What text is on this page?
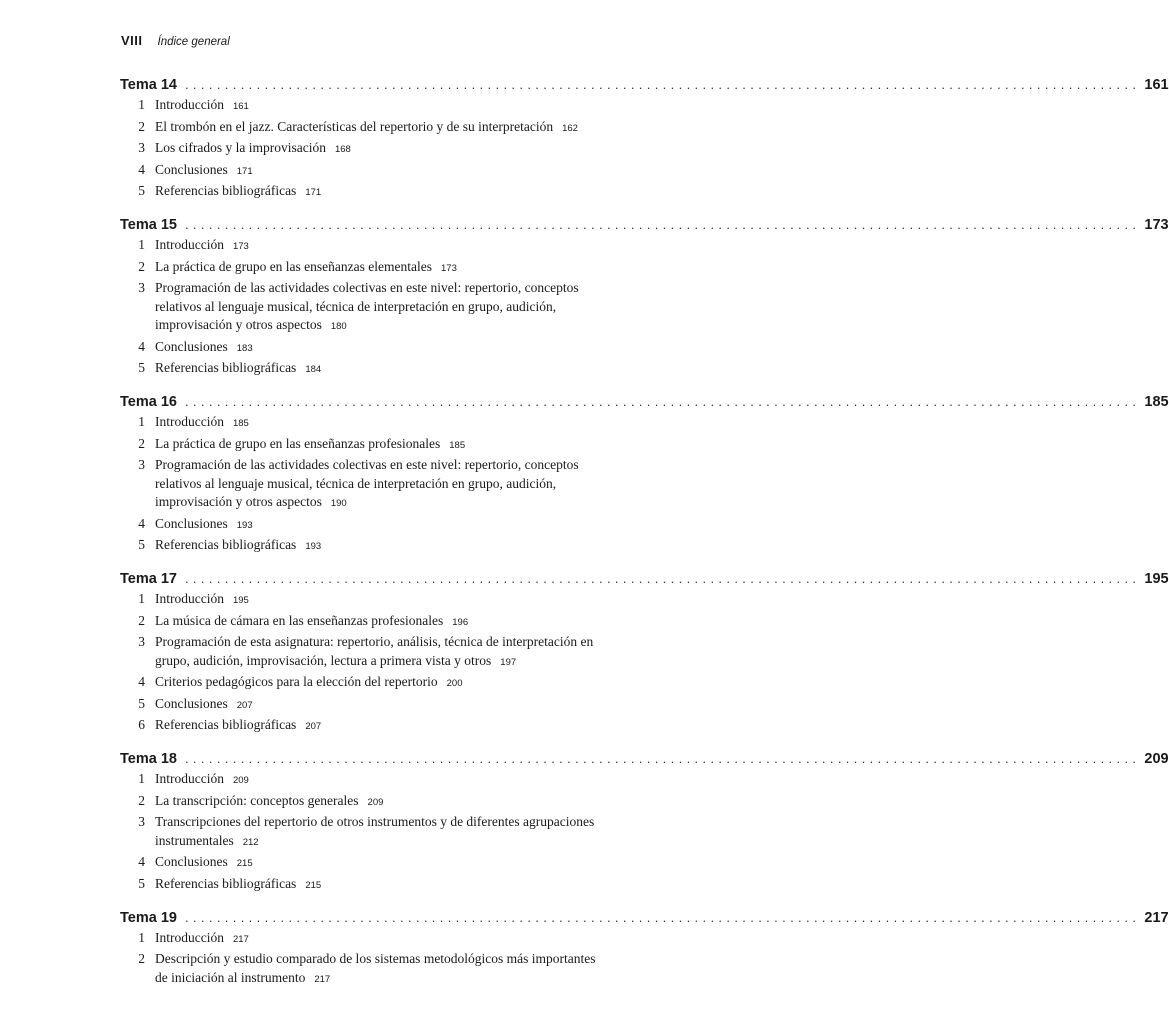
VIII Índice general
Tema 14 ........................................................................................................................ 161
1 Introducción 161
2 El trombón en el jazz. Características del repertorio y de su interpretación 162
3 Los cifrados y la improvisación 168
4 Conclusiones 171
5 Referencias bibliográficas 171
Tema 15 ........................................................................................................................ 173
1 Introducción 173
2 La práctica de grupo en las enseñanzas elementales 173
3 Programación de las actividades colectivas en este nivel: repertorio, conceptos relativos al lenguaje musical, técnica de interpretación en grupo, audición, improvisación y otros aspectos 180
4 Conclusiones 183
5 Referencias bibliográficas 184
Tema 16 ........................................................................................................................ 185
1 Introducción 185
2 La práctica de grupo en las enseñanzas profesionales 185
3 Programación de las actividades colectivas en este nivel: repertorio, conceptos relativos al lenguaje musical, técnica de interpretación en grupo, audición, improvisación y otros aspectos 190
4 Conclusiones 193
5 Referencias bibliográficas 193
Tema 17 ........................................................................................................................ 195
1 Introducción 195
2 La música de cámara en las enseñanzas profesionales 196
3 Programación de esta asignatura: repertorio, análisis, técnica de interpretación en grupo, audición, improvisación, lectura a primera vista y otros 197
4 Criterios pedagógicos para la elección del repertorio 200
5 Conclusiones 207
6 Referencias bibliográficas 207
Tema 18 ........................................................................................................................ 209
1 Introducción 209
2 La transcripción: conceptos generales 209
3 Transcripciones del repertorio de otros instrumentos y de diferentes agrupaciones instrumentales 212
4 Conclusiones 215
5 Referencias bibliográficas 215
Tema 19 ........................................................................................................................ 217
1 Introducción 217
2 Descripción y estudio comparado de los sistemas metodológicos más importantes de iniciación al instrumento 217
